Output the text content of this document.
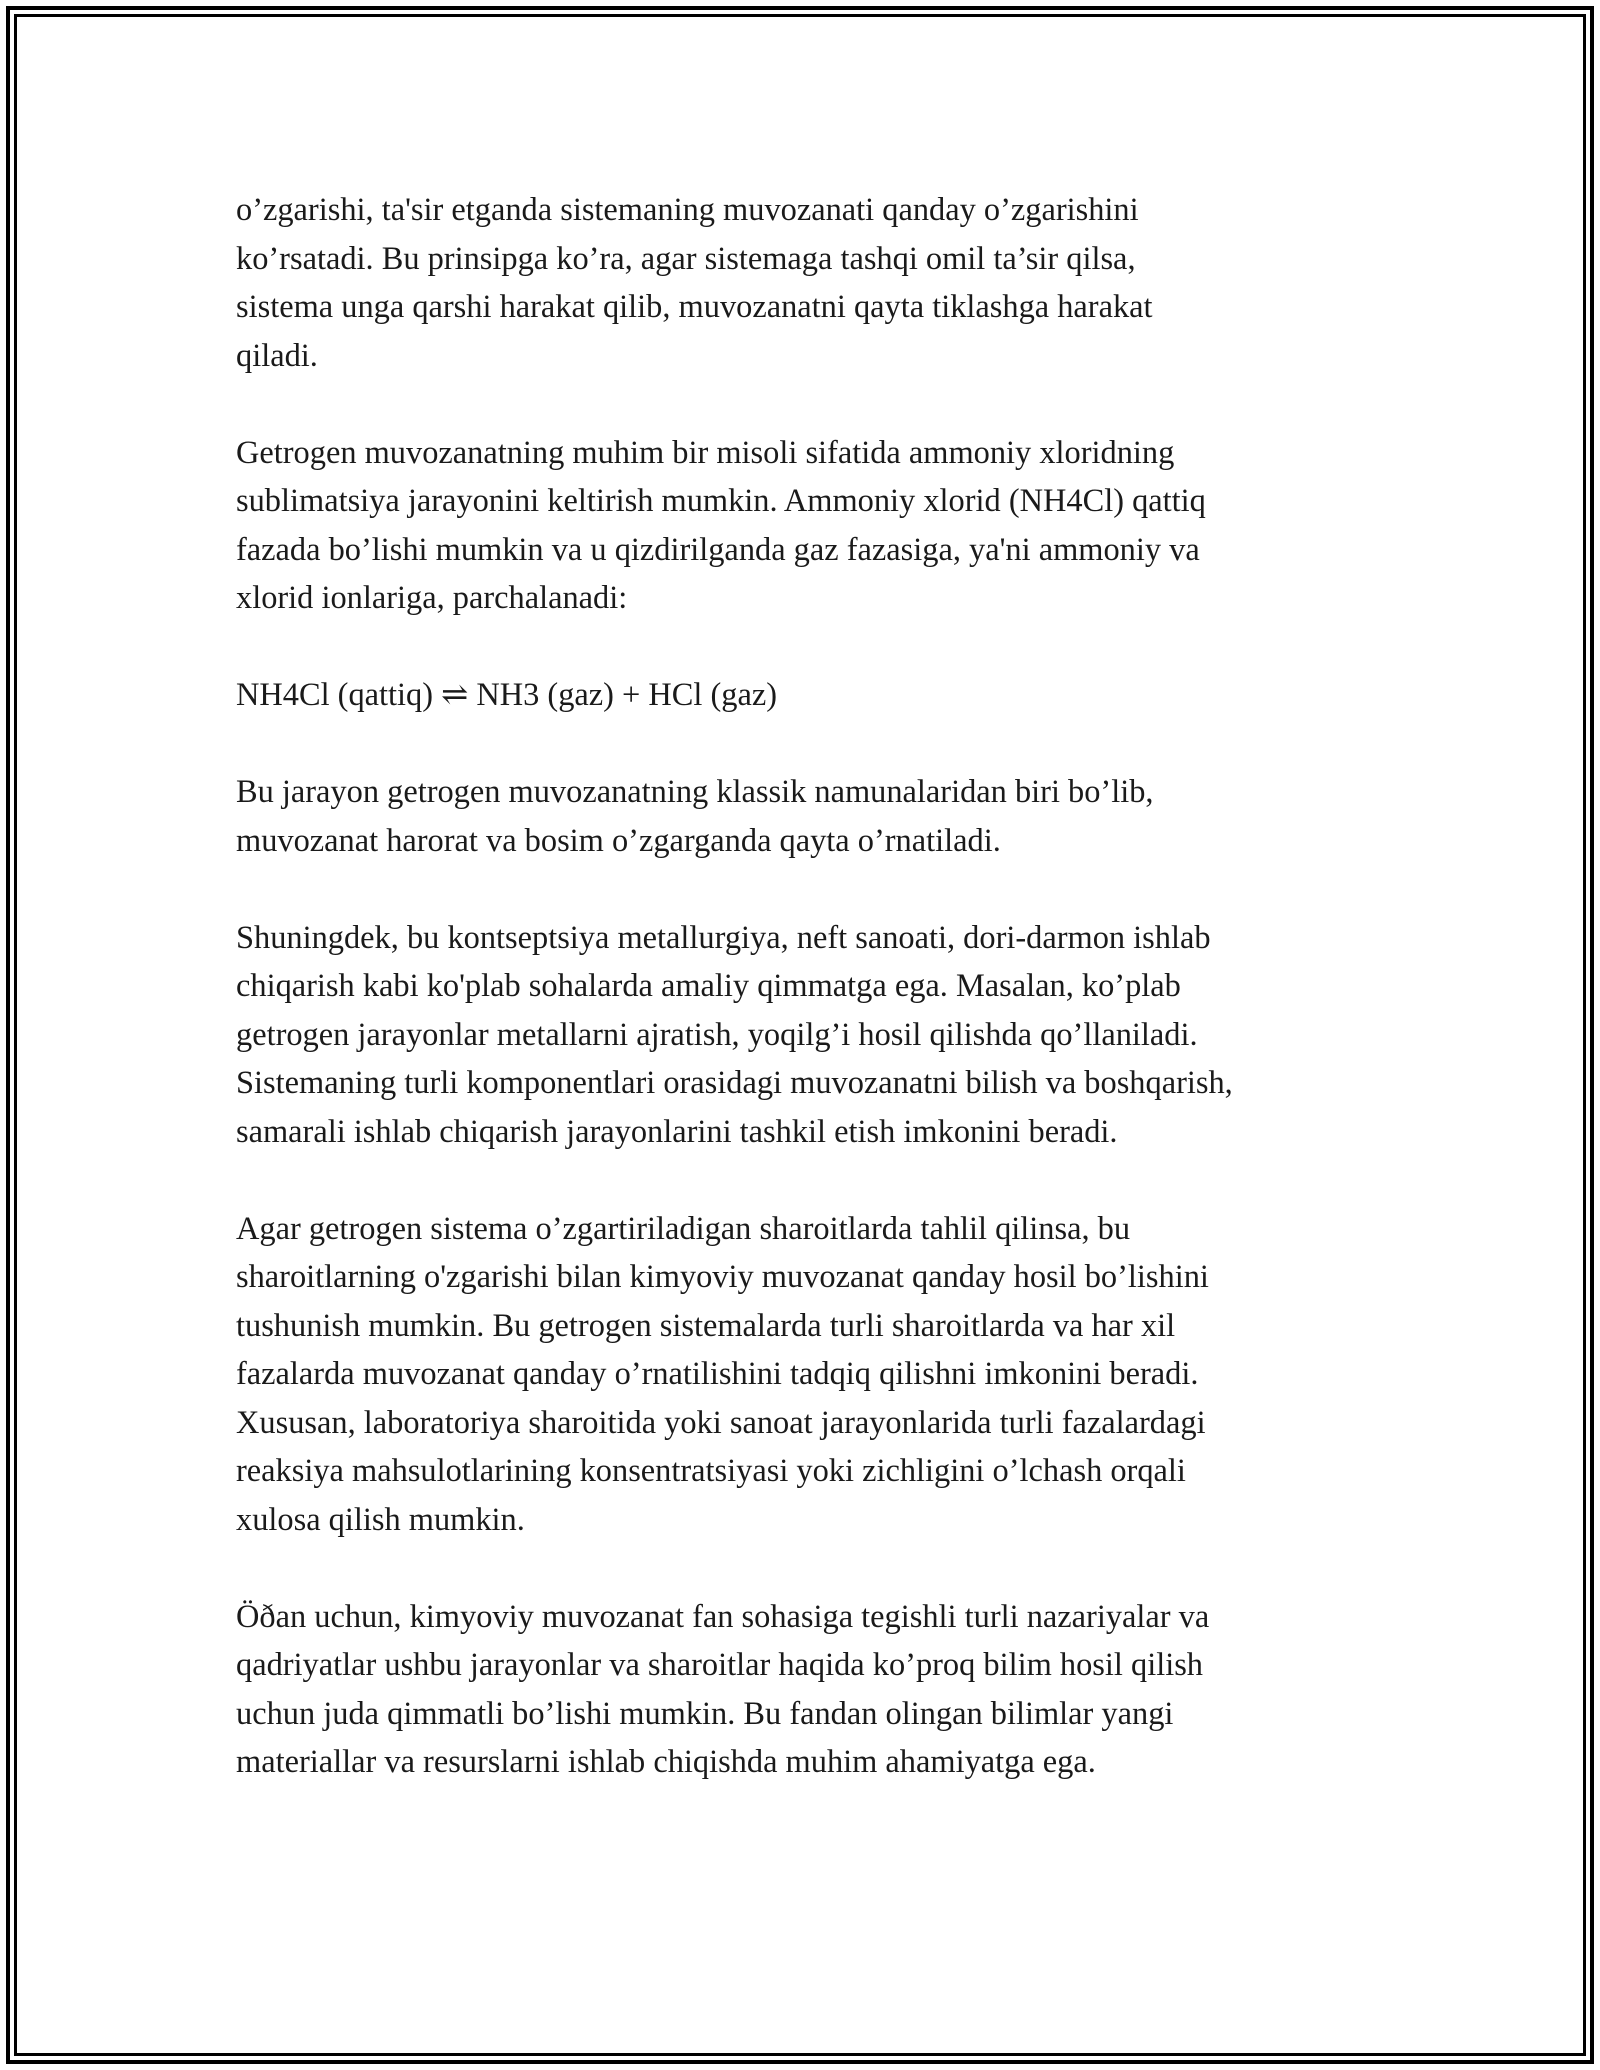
o’zgarishi, ta'sir etganda sistemaning muvozanati qanday o’zgarishini
ko’rsatadi. Bu prinsipga ko’ra, agar sistemaga tashqi omil ta’sir qilsa,
sistema unga qarshi harakat qilib, muvozanatni qayta tiklashga harakat
qiladi.

Getrogen muvozanatning muhim bir misoli sifatida ammoniy xloridning
sublimatsiya jarayonini keltirish mumkin. Ammoniy xlorid (NH4Cl) qattiq
fazada bo’lishi mumkin va u qizdirilganda gaz fazasiga, ya'ni ammoniy va
xlorid ionlariga, parchalanadi:

NH4Cl (qattiq) ⇌ NH3 (gaz) + HCl (gaz)

Bu jarayon getrogen muvozanatning klassik namunalaridan biri bo’lib,
muvozanat harorat va bosim o’zgarganda qayta o’rnatiladi.

Shuningdek, bu kontseptsiya metallurgiya, neft sanoati, dori-darmon ishlab
chiqarish kabi ko'plab sohalarda amaliy qimmatga ega. Masalan, ko’plab
getrogen jarayonlar metallarni ajratish, yoqilg’i hosil qilishda qo’llaniladi.
Sistemaning turli komponentlari orasidagi muvozanatni bilish va boshqarish,
samarali ishlab chiqarish jarayonlarini tashkil etish imkonini beradi.

Agar getrogen sistema o’zgartiriladigan sharoitlarda tahlil qilinsa, bu
sharoitlarning o'zgarishi bilan kimyoviy muvozanat qanday hosil bo’lishini
tushunish mumkin. Bu getrogen sistemalarda turli sharoitlarda va har xil
fazalarda muvozanat qanday o’rnatilishini tadqiq qilishni imkonini beradi.
Xususan, laboratoriya sharoitida yoki sanoat jarayonlarida turli fazalardagi
reaksiya mahsulotlarining konsentratsiyasi yoki zichligini o’lchash orqali
xulosa qilish mumkin.

Öðan uchun, kimyoviy muvozanat fan sohasiga tegishli turli nazariyalar va
qadriyatlar ushbu jarayonlar va sharoitlar haqida ko’proq bilim hosil qilish
uchun juda qimmatli bo’lishi mumkin. Bu fandan olingan bilimlar yangi
materiallar va resurslarni ishlab chiqishda muhim ahamiyatga ega.
